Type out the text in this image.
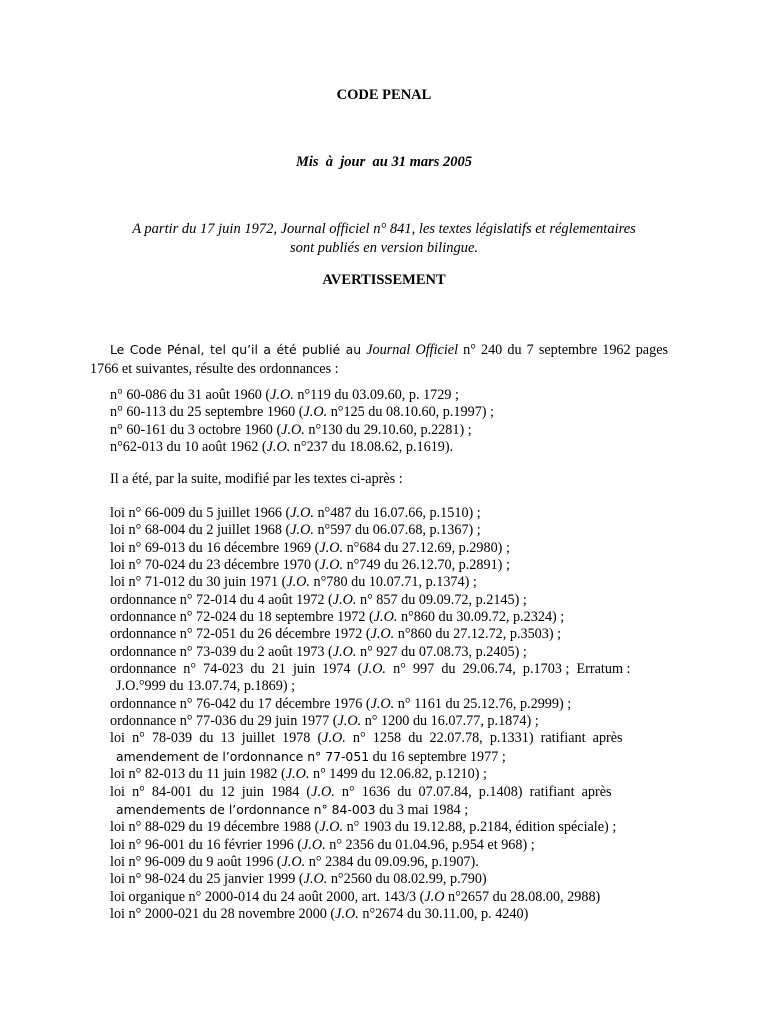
CODE PENAL
Mis  à  jour  au 31 mars 2005
A partir du 17 juin 1972, Journal officiel n° 841, les textes législatifs et réglementaires
sont publiés en version bilingue.
AVERTISSEMENT
Le Code Pénal, tel qu’il a été publié au Journal Officiel n° 240 du 7 septembre 1962 pages 1766 et suivantes, résulte des ordonnances :
n° 60-086 du 31 août 1960 (J.O. n°119 du 03.09.60, p. 1729 ;
n° 60-113 du 25 septembre 1960 (J.O. n°125 du 08.10.60, p.1997) ;
n° 60-161 du 3 octobre 1960 (J.O. n°130 du 29.10.60, p.2281) ;
n°62-013 du 10 août 1962 (J.O. n°237 du 18.08.62, p.1619).
Il a été, par la suite, modifié par les textes ci-après :
loi n° 66-009 du 5 juillet 1966 (J.O. n°487 du 16.07.66, p.1510) ;
loi n° 68-004 du 2 juillet 1968 (J.O. n°597 du 06.07.68, p.1367) ;
loi n° 69-013 du 16 décembre 1969 (J.O. n°684 du 27.12.69, p.2980) ;
loi n° 70-024 du 23 décembre 1970 (J.O. n°749 du 26.12.70, p.2891) ;
loi n° 71-012 du 30 juin 1971 (J.O. n°780 du 10.07.71, p.1374) ;
ordonnance n° 72-014 du 4 août 1972 (J.O. n° 857 du 09.09.72, p.2145) ;
ordonnance n° 72-024 du 18 septembre 1972 (J.O. n°860 du 30.09.72, p.2324) ;
ordonnance n° 72-051 du 26 décembre 1972 (J.O. n°860 du 27.12.72, p.3503) ;
ordonnance n° 73-039 du 2 août 1973 (J.O. n° 927 du 07.08.73, p.2405) ;
ordonnance  n°  74-023  du  21  juin  1974  (J.O.  n°  997  du  29.06.74,  p.1703 ;  Erratum :
J.O.°999 du 13.07.74, p.1869) ;
ordonnance n° 76-042 du 17 décembre 1976 (J.O. n° 1161 du 25.12.76, p.2999) ;
ordonnance n° 77-036 du 29 juin 1977 (J.O. n° 1200 du 16.07.77, p.1874) ;
loi  n°  78-039  du  13  juillet  1978  (J.O.  n°  1258  du  22.07.78,  p.1331)  ratifiant  après
amendement de l’ordonnance n° 77-051 du 16 septembre 1977 ;
loi n° 82-013 du 11 juin 1982 (J.O. n° 1499 du 12.06.82, p.1210) ;
loi  n°  84-001  du  12  juin  1984  (J.O.  n°  1636  du  07.07.84,  p.1408)  ratifiant  après
amendements de l’ordonnance n° 84-003 du 3 mai 1984 ;
loi n° 88-029 du 19 décembre 1988 (J.O. n° 1903 du 19.12.88, p.2184, édition spéciale) ;
loi n° 96-001 du 16 février 1996 (J.O. n° 2356 du 01.04.96, p.954 et 968) ;
loi n° 96-009 du 9 août 1996 (J.O. n° 2384 du 09.09.96, p.1907).
loi n° 98-024 du 25 janvier 1999 (J.O. n°2560 du 08.02.99, p.790)
loi organique n° 2000-014 du 24 août 2000, art. 143/3 (J.O n°2657 du 28.08.00, 2988)
loi n° 2000-021 du 28 novembre 2000 (J.O. n°2674 du 30.11.00, p. 4240)
